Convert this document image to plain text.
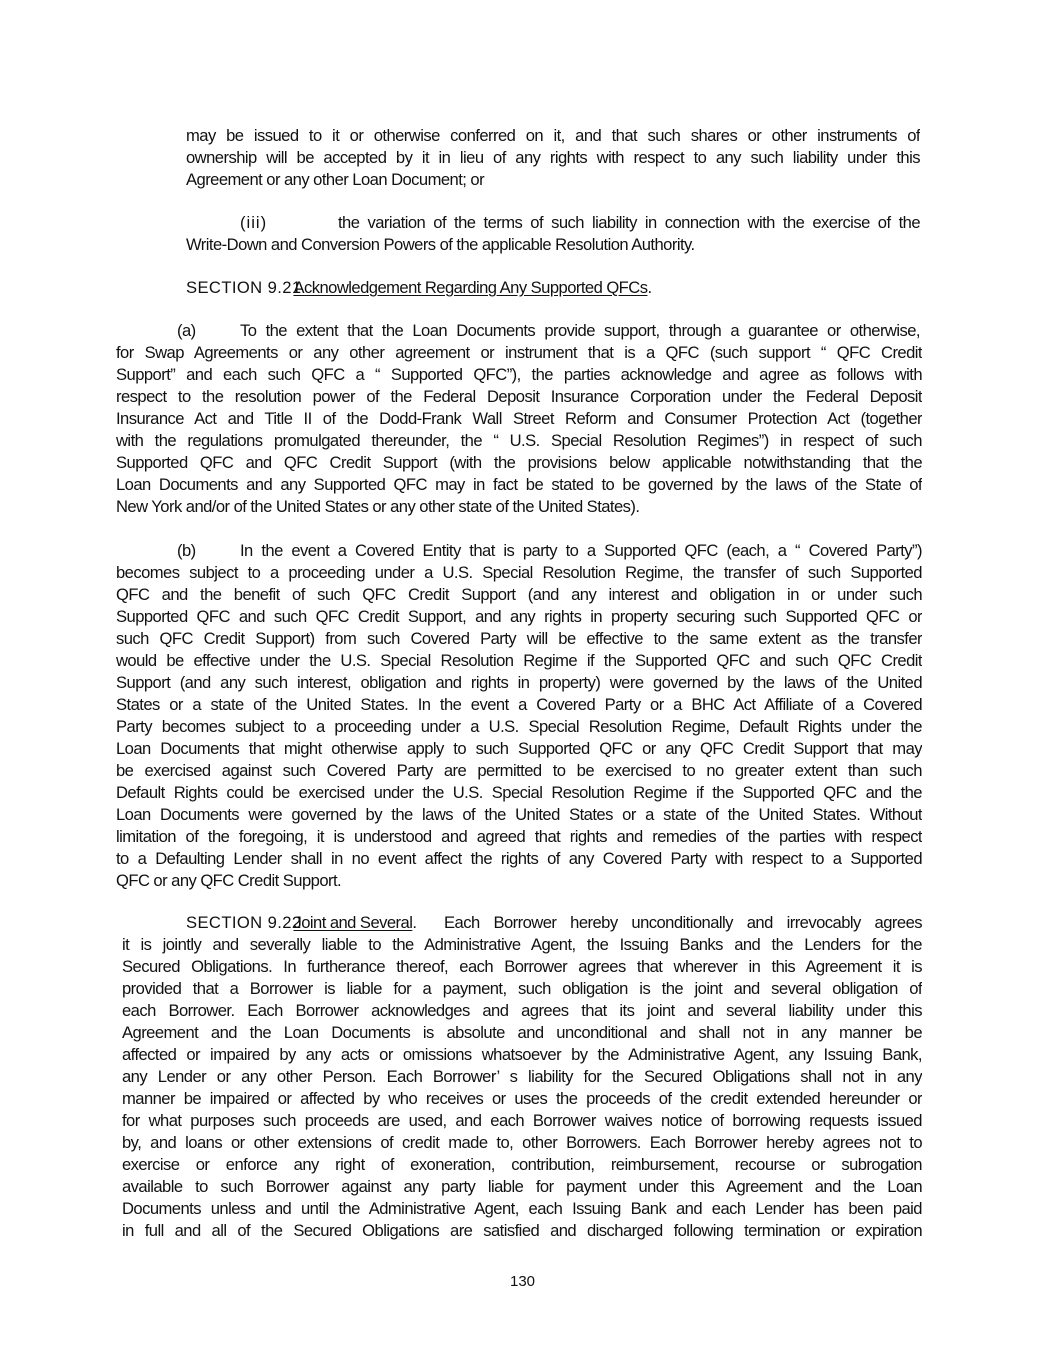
may be issued to it or otherwise conferred on it, and that such shares or other instruments of
ownership will be accepted by it in lieu of any rights with respect to any such liability under this
Agreement or any other Loan Document; or
(iii)	the variation of the terms of such liability in connection with the exercise of the
Write-Down and Conversion Powers of the applicable Resolution Authority.
SECTION 9.21Acknowledgement Regarding Any Supported QFCs.
(a)	To the extent that the Loan Documents provide support, through a guarantee or otherwise,
for Swap Agreements or any other agreement or instrument that is a QFC (such support “ QFC Credit
Support” and each such QFC a “ Supported QFC”), the parties acknowledge and agree as follows with
respect to the resolution power of the Federal Deposit Insurance Corporation under the Federal Deposit
Insurance Act and Title II of the Dodd-Frank Wall Street Reform and Consumer Protection Act (together
with the regulations promulgated thereunder, the “ U.S. Special Resolution Regimes”) in respect of such
Supported QFC and QFC Credit Support (with the provisions below applicable notwithstanding that the
Loan Documents and any Supported QFC may in fact be stated to be governed by the laws of the State of
New York and/or of the United States or any other state of the United States).
(b)	In the event a Covered Entity that is party to a Supported QFC (each, a “ Covered Party”)
becomes subject to a proceeding under a U.S. Special Resolution Regime, the transfer of such Supported
QFC and the benefit of such QFC Credit Support (and any interest and obligation in or under such
Supported QFC and such QFC Credit Support, and any rights in property securing such Supported QFC or
such QFC Credit Support) from such Covered Party will be effective to the same extent as the transfer
would be effective under the U.S. Special Resolution Regime if the Supported QFC and such QFC Credit
Support (and any such interest, obligation and rights in property) were governed by the laws of the United
States or a state of the United States. In the event a Covered Party or a BHC Act Affiliate of a Covered
Party becomes subject to a proceeding under a U.S. Special Resolution Regime, Default Rights under the
Loan Documents that might otherwise apply to such Supported QFC or any QFC Credit Support that may
be exercised against such Covered Party are permitted to be exercised to no greater extent than such
Default Rights could be exercised under the U.S. Special Resolution Regime if the Supported QFC and the
Loan Documents were governed by the laws of the United States or a state of the United States. Without
limitation of the foregoing, it is understood and agreed that rights and remedies of the parties with respect
to a Defaulting Lender shall in no event affect the rights of any Covered Party with respect to a Supported
QFC or any QFC Credit Support.
SECTION 9.22
Joint and Several .  Each Borrower hereby unconditionally and irrevocably agrees
it is jointly and severally liable to the Administrative Agent, the Issuing Banks and the Lenders for the
Secured Obligations. In furtherance thereof, each Borrower agrees that wherever in this Agreement it is
provided that a Borrower is liable for a payment, such obligation is the joint and several obligation of
each Borrower. Each Borrower acknowledges and agrees that its joint and several liability under this
Agreement and the Loan Documents is absolute and unconditional and shall not in any manner be
affected or impaired by any acts or omissions whatsoever by the Administrative Agent, any Issuing Bank,
any Lender or any other Person. Each Borrower’ s liability for the Secured Obligations shall not in any
manner be impaired or affected by who receives or uses the proceeds of the credit extended hereunder or
for what purposes such proceeds are used, and each Borrower waives notice of borrowing requests issued
by, and loans or other extensions of credit made to, other Borrowers. Each Borrower hereby agrees not to
exercise or enforce any right of exoneration, contribution, reimbursement, recourse or subrogation
available to such Borrower against any party liable for payment under this Agreement and the Loan
Documents unless and until the Administrative Agent, each Issuing Bank and each Lender has been paid
in full and all of the Secured Obligations are satisfied and discharged following termination or expiration
130
